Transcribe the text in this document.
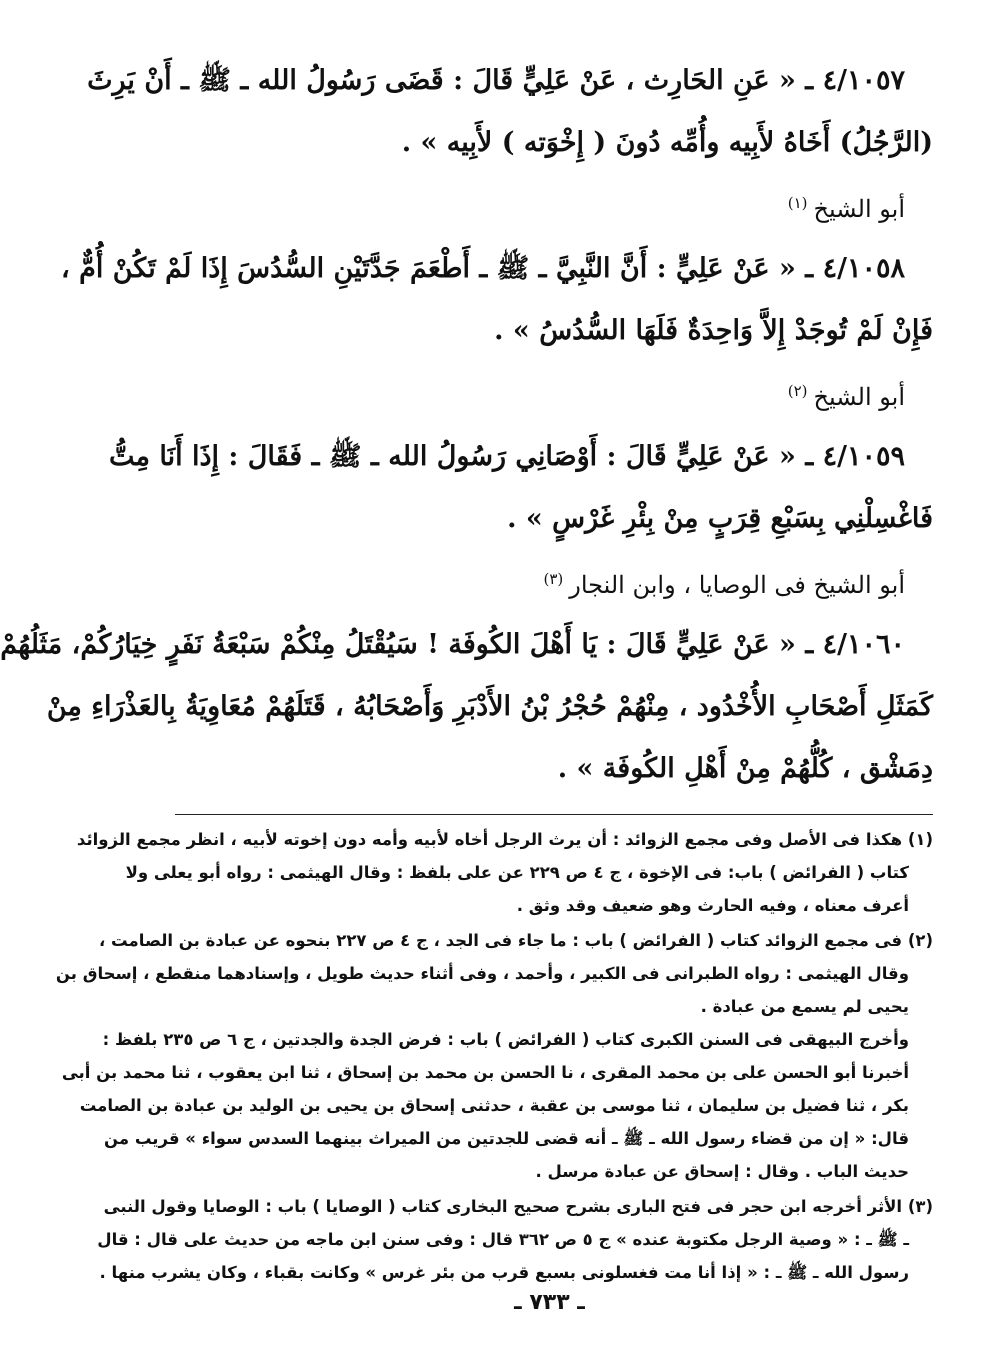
٤/١٠٥٧ ـ « عَنِ الحَارِث ، عَنْ عَلِيٍّ قَالَ : قَضَى رَسُولُ الله ـ ﷺ ـ أَنْ يَرِثَ
(الرَّجُلُ) أَخَاهُ لأَبِيه وأُمِّه دُونَ ( إِخْوَته ) لأَبِيه » .
أبو الشيخ$^{(١)}$
٤/١٠٥٨ ـ « عَنْ عَلِيٍّ : أَنَّ النَّبِيَّ ـ ﷺ ـ أَطْعَمَ جَدَّتَيْنِ السُّدُسَ إِذَا لَمْ تَكُنْ أُمٌّ ،
فَإِنْ لَمْ تُوجَدْ إِلاَّ وَاحِدَةٌ فَلَهَا السُّدُسُ » .
أبو الشيخ$^{(٢)}$
٤/١٠٥٩ ـ « عَنْ عَلِيٍّ قَالَ : أَوْصَانِي رَسُولُ الله ـ ﷺ ـ فَقَالَ : إِذَا أَنَا مِتُّ
فَاغْسِلْنِي بِسَبْعِ قِرَبٍ مِنْ بِئْرِ غَرْسٍ » .
أبو الشيخ فى الوصايا ، وابن النجار$^{(٣)}$
٤/١٠٦٠ ـ « عَنْ عَلِيٍّ قَالَ : يَا أَهْلَ الكُوفَة ! سَيُقْتَلُ مِنْكُمْ سَبْعَةُ نَفَرٍ خِيَارُكُمْ، مَثَلُهُمْ
كَمَثَلِ أَصْحَابِ الأُخْدُود ، مِنْهُمْ حُجْرُ بْنُ الأَدْبَرِ وَأَصْحَابُهُ ، قَتَلَهُمْ مُعَاوِيَةُ بِالعَذْرَاءِ مِنْ
دِمَشْق ، كُلُّهُمْ مِنْ أَهْلِ الكُوفَة » .
(١) هكذا فى الأصل وفى مجمع الزوائد : أن يرث الرجل أخاه لأبيه وأمه دون إخوته لأبيه ، انظر مجمع الزوائد
كتاب ( الفرائض ) باب: فى الإخوة ، ج ٤ ص ٢٢٩ عن على بلفظ : وقال الهيثمى : رواه أبو يعلى ولا
أعرف معناه ، وفيه الحارث وهو ضعيف وقد وثق .
(٢) فى مجمع الزوائد كتاب ( الفرائض ) باب : ما جاء فى الجد ، ج ٤ ص ٢٢٧ بنحوه عن عبادة بن الصامت ،
وقال الهيثمى : رواه الطبرانى فى الكبير ، وأحمد ، وفى أثناء حديث طويل ، وإسنادهما منقطع ، إسحاق بن
يحيى لم يسمع من عبادة .
وأخرج البيهقى فى السنن الكبرى كتاب ( الفرائض ) باب : فرض الجدة والجدتين ، ج ٦ ص ٢٣٥ بلفظ :
أخبرنا أبو الحسن على بن محمد المقرى ، نا الحسن بن محمد بن إسحاق ، ثنا ابن يعقوب ، ثنا محمد بن أبى
بكر ، ثنا فضيل بن سليمان ، ثنا موسى بن عقبة ، حدثنى إسحاق بن يحيى بن الوليد بن عبادة بن الصامت
قال: « إن من قضاء رسول الله ـ ﷺ ـ أنه قضى للجدتين من الميراث بينهما السدس سواء » قريب من
حديث الباب . وقال : إسحاق عن عبادة مرسل .
(٣) الأثر أخرجه ابن حجر فى فتح البارى بشرح صحيح البخارى كتاب ( الوصايا ) باب : الوصايا وقول النبى
ـ ﷺ ـ : « وصية الرجل مكتوبة عنده » ج ٥ ص ٣٦٢ قال : وفى سنن ابن ماجه من حديث على قال : قال
رسول الله ـ ﷺ ـ : « إذا أنا مت فغسلونى بسبع قرب من بئر غرس » وكانت بقباء ، وكان يشرب منها .
ـ ٧٣٣ ـ
